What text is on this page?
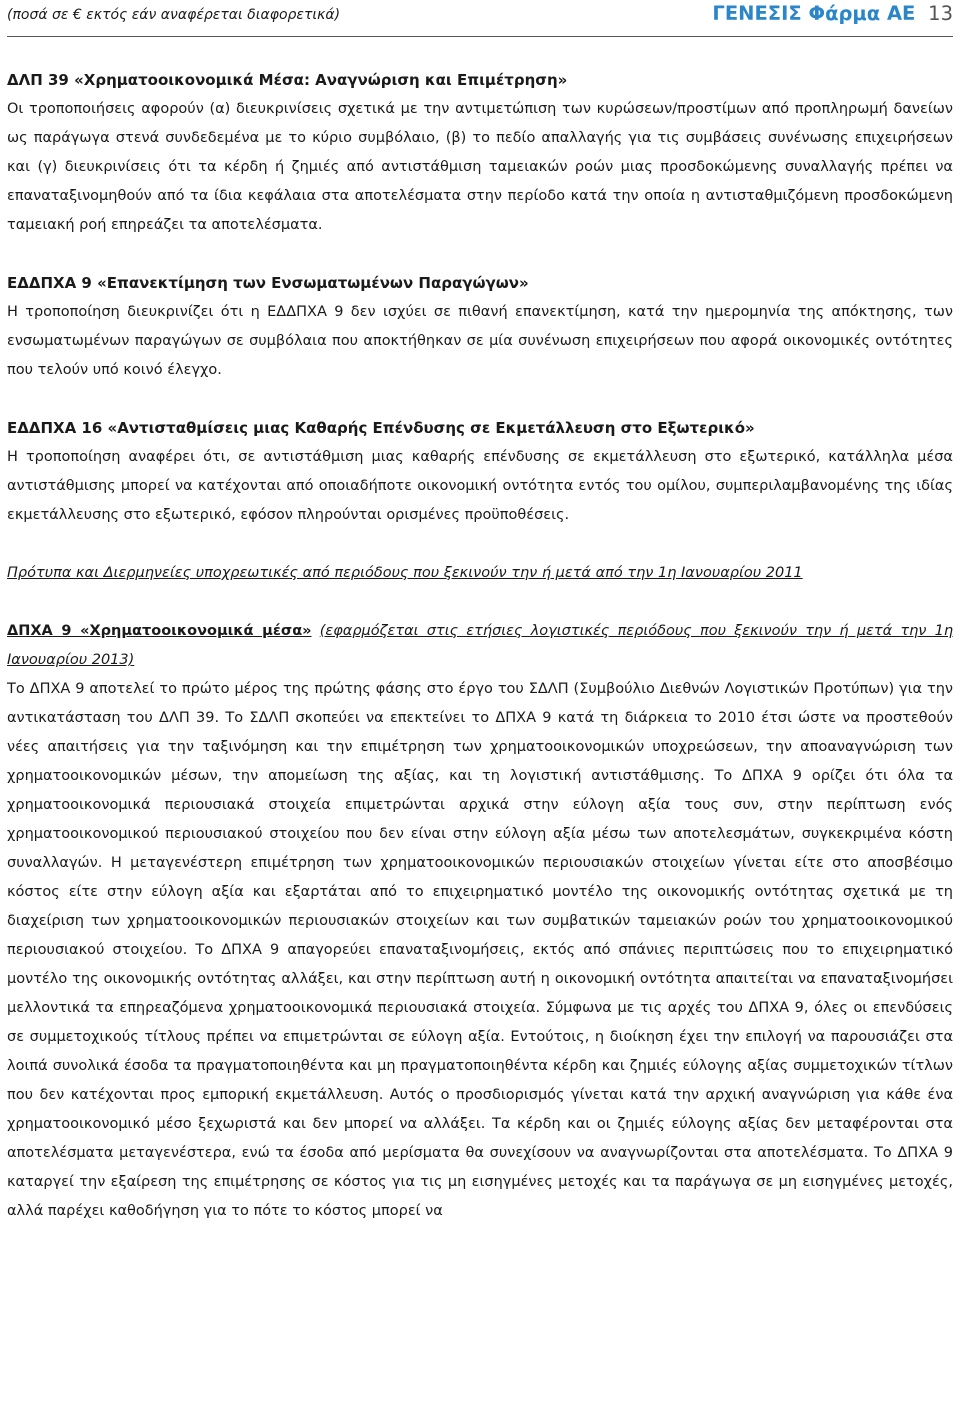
(ποσά σε € εκτός εάν αναφέρεται διαφορετικά)	ΓΕΝΕΣΙΣ Φάρμα ΑΕ 13

ΔΛΠ 39 «Χρηματοοικονομικά Μέσα: Αναγνώριση και Επιμέτρηση»

Οι τροποποιήσεις αφορούν (α) διευκρινίσεις σχετικά με την αντιμετώπιση των κυρώσεων/προστίμων από προπληρωμή δανείων ως παράγωγα στενά συνδεδεμένα με το κύριο συμβόλαιο, (β) το πεδίο απαλλαγής για τις συμβάσεις συνένωσης επιχειρήσεων και (γ) διευκρινίσεις ότι τα κέρδη ή ζημιές από αντιστάθμιση ταμειακών ροών μιας προσδοκώμενης συναλλαγής πρέπει να επαναταξινομηθούν από τα ίδια κεφάλαια στα αποτελέσματα στην περίοδο κατά την οποία η αντισταθμιζόμενη προσδοκώμενη ταμειακή ροή επηρεάζει τα αποτελέσματα.

ΕΔΔΠΧΑ 9 «Επανεκτίμηση των Ενσωματωμένων Παραγώγων»

Η τροποποίηση διευκρινίζει ότι η ΕΔΔΠΧΑ 9 δεν ισχύει σε πιθανή επανεκτίμηση, κατά την ημερομηνία της απόκτησης, των ενσωματωμένων παραγώγων σε συμβόλαια που αποκτήθηκαν σε μία συνένωση επιχειρήσεων που αφορά οικονομικές οντότητες που τελούν υπό κοινό έλεγχο.

ΕΔΔΠΧΑ 16 «Αντισταθμίσεις μιας Καθαρής Επένδυσης σε Εκμετάλλευση στο Εξωτερικό»

Η τροποποίηση αναφέρει ότι, σε αντιστάθμιση μιας καθαρής επένδυσης σε εκμετάλλευση στο εξωτερικό, κατάλληλα μέσα αντιστάθμισης μπορεί να κατέχονται από οποιαδήποτε οικονομική οντότητα εντός του ομίλου, συμπεριλαμβανομένης της ιδίας εκμετάλλευσης στο εξωτερικό, εφόσον πληρούνται ορισμένες προϋποθέσεις.

Πρότυπα και Διερμηνείες υποχρεωτικές από περιόδους που ξεκινούν την ή μετά από την 1η Ιανουαρίου 2011

ΔΠΧΑ 9 «Χρηματοοικονομικά μέσα» (εφαρμόζεται στις ετήσιες λογιστικές περιόδους που ξεκινούν την ή μετά την 1η Ιανουαρίου 2013)

Το ΔΠΧΑ 9 αποτελεί το πρώτο μέρος της πρώτης φάσης στο έργο του ΣΔΛΠ (Συμβούλιο Διεθνών Λογιστικών Προτύπων) για την αντικατάσταση του ΔΛΠ 39. Το ΣΔΛΠ σκοπεύει να επεκτείνει το ΔΠΧΑ 9 κατά τη διάρκεια το 2010 έτσι ώστε να προστεθούν νέες απαιτήσεις για την ταξινόμηση και την επιμέτρηση των χρηματοοικονομικών υποχρεώσεων, την αποαναγνώριση των χρηματοοικονομικών μέσων, την απομείωση της αξίας, και τη λογιστική αντιστάθμισης. Το ΔΠΧΑ 9 ορίζει ότι όλα τα χρηματοοικονομικά περιουσιακά στοιχεία επιμετρώνται αρχικά στην εύλογη αξία τους συν, στην περίπτωση ενός χρηματοοικονομικού περιουσιακού στοιχείου που δεν είναι στην εύλογη αξία μέσω των αποτελεσμάτων, συγκεκριμένα κόστη συναλλαγών. Η μεταγενέστερη επιμέτρηση των χρηματοοικονομικών περιουσιακών στοιχείων γίνεται είτε στο αποσβέσιμο κόστος είτε στην εύλογη αξία και εξαρτάται από το επιχειρηματικό μοντέλο της οικονομικής οντότητας σχετικά με τη διαχείριση των χρηματοοικονομικών περιουσιακών στοιχείων και των συμβατικών ταμειακών ροών του χρηματοοικονομικού περιουσιακού στοιχείου. Το ΔΠΧΑ 9 απαγορεύει επαναταξινομήσεις, εκτός από σπάνιες περιπτώσεις που το επιχειρηματικό μοντέλο της οικονομικής οντότητας αλλάξει, και στην περίπτωση αυτή η οικονομική οντότητα απαιτείται να επαναταξινομήσει μελλοντικά τα επηρεαζόμενα χρηματοοικονομικά περιουσιακά στοιχεία. Σύμφωνα με τις αρχές του ΔΠΧΑ 9, όλες οι επενδύσεις σε συμμετοχικούς τίτλους πρέπει να επιμετρώνται σε εύλογη αξία. Εντούτοις, η διοίκηση έχει την επιλογή να παρουσιάζει στα λοιπά συνολικά έσοδα τα πραγματοποιηθέντα και μη πραγματοποιηθέντα κέρδη και ζημιές εύλογης αξίας συμμετοχικών τίτλων που δεν κατέχονται προς εμπορική εκμετάλλευση. Αυτός ο προσδιορισμός γίνεται κατά την αρχική αναγνώριση για κάθε ένα χρηματοοικονομικό μέσο ξεχωριστά και δεν μπορεί να αλλάξει. Τα κέρδη και οι ζημιές εύλογης αξίας δεν μεταφέρονται στα αποτελέσματα μεταγενέστερα, ενώ τα έσοδα από μερίσματα θα συνεχίσουν να αναγνωρίζονται στα αποτελέσματα. Το ΔΠΧΑ 9 καταργεί την εξαίρεση της επιμέτρησης σε κόστος για τις μη εισηγμένες μετοχές και τα παράγωγα σε μη εισηγμένες μετοχές, αλλά παρέχει καθοδήγηση για το πότε το κόστος μπορεί να
